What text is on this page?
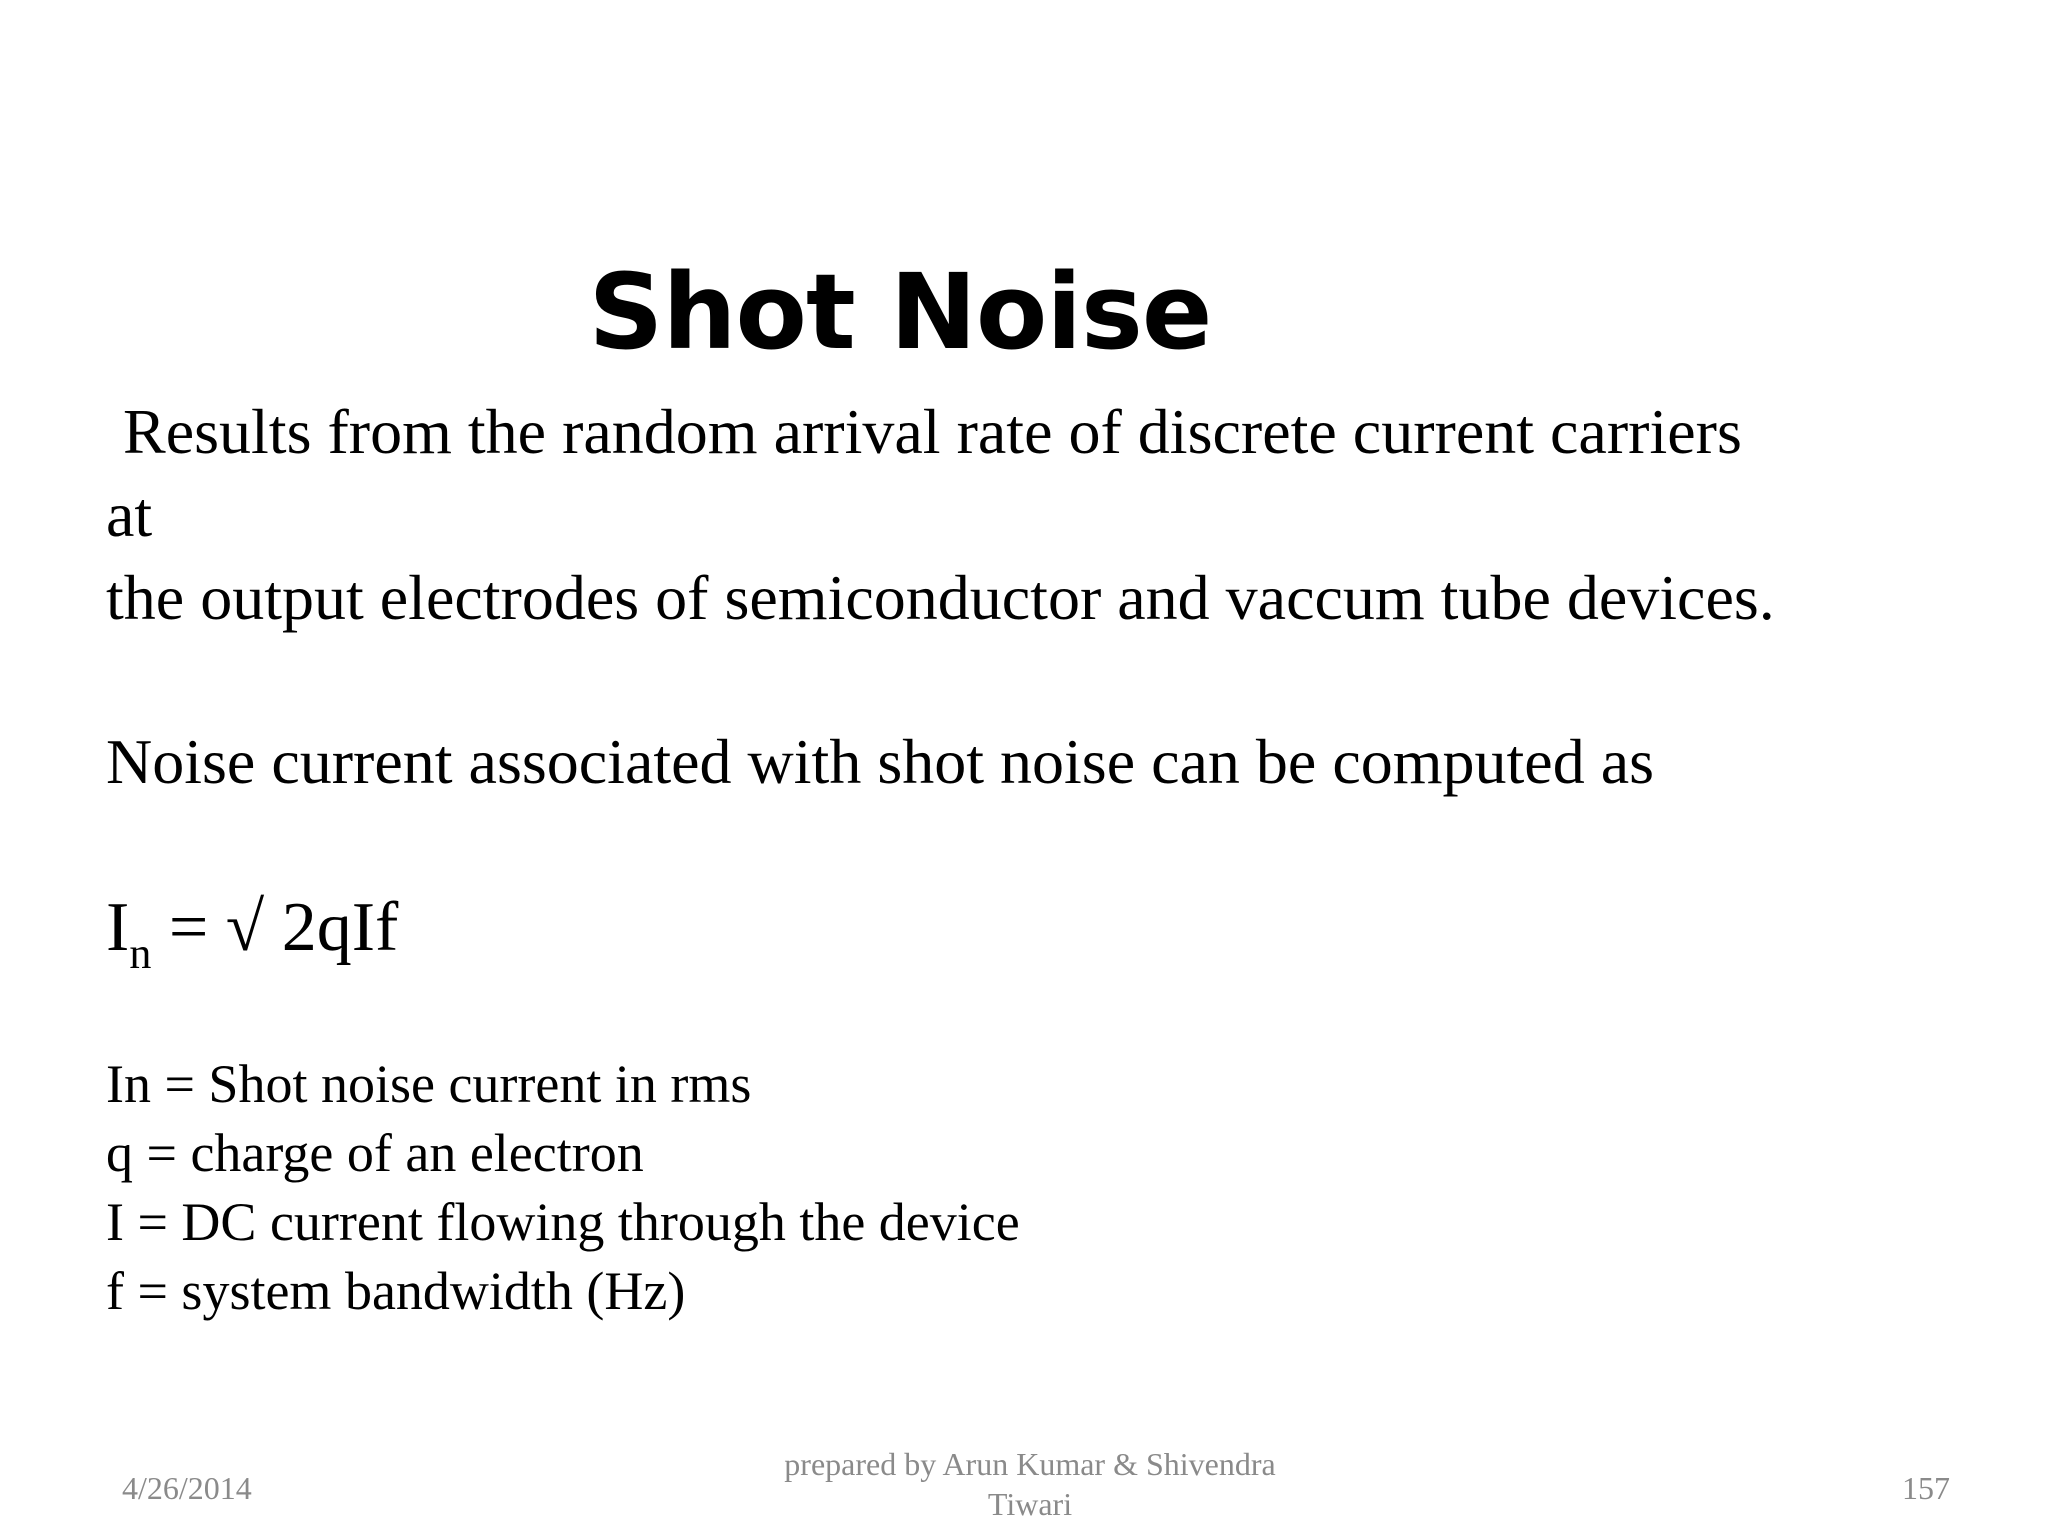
Shot Noise
Results from the random arrival rate of discrete current carriers
at
the output electrodes of semiconductor and vaccum tube devices.
Noise current associated with shot noise can be computed as
$I_n$ = √ 2qIf
In = Shot noise current in rms
q = charge of an electron
I = DC current flowing through the device
f = system bandwidth (Hz)
4/26/2014
prepared by Arun Kumar & Shivendra
Tiwari	157
